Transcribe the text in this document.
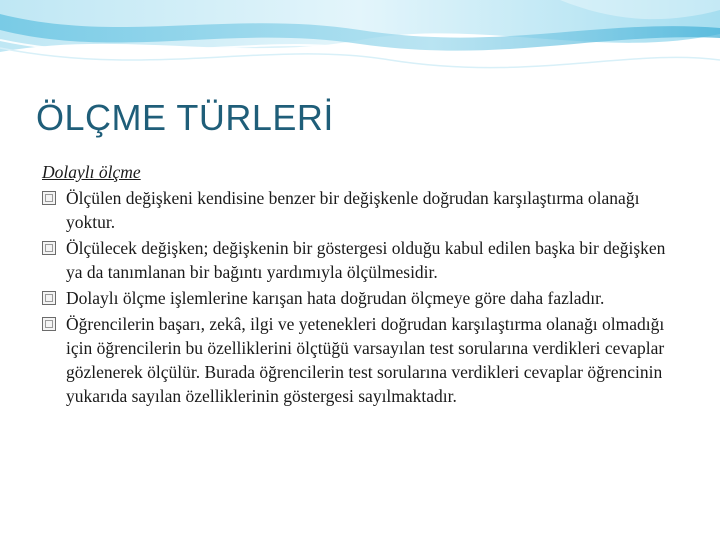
ÖLÇME TÜRLERİ

Dolaylı ölçme

Ölçülen değişkeni kendisine benzer bir değişkenle doğrudan karşılaştırma olanağı yoktur.
Ölçülecek değişken; değişkenin bir göstergesi olduğu kabul edilen başka bir değişken ya da tanımlanan bir bağıntı yardımıyla ölçülmesidir.
Dolaylı ölçme işlemlerine karışan hata doğrudan ölçmeye göre daha fazladır.
Öğrencilerin başarı, zekâ, ilgi ve yetenekleri doğrudan karşılaştırma olanağı olmadığı için öğrencilerin bu özelliklerini ölçtüğü varsayılan test sorularına verdikleri cevaplar gözlenerek ölçülür. Burada öğrencilerin test sorularına verdikleri cevaplar öğrencinin yukarıda sayılan özelliklerinin göstergesi sayılmaktadır.
